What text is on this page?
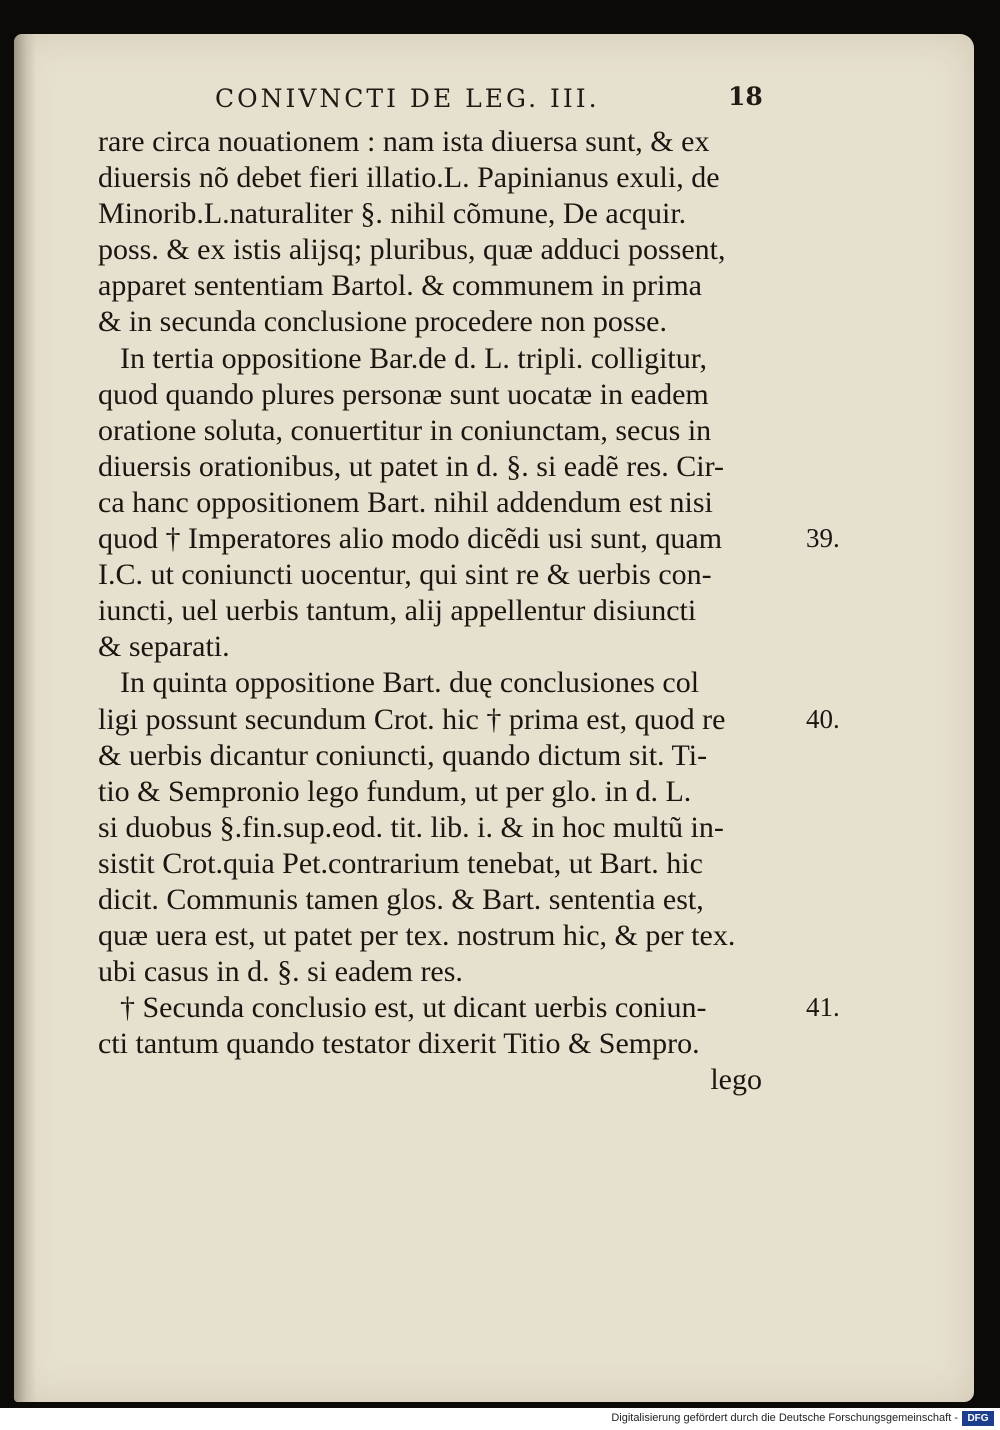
CONIVNCTI DE LEG. III.	18
rare circa nouationem : nam ista diuersa sunt, & ex
diuersis nõ debet fieri illatio.L. Papinianus exuli, de
Minorib.L.naturaliter §. nihil cõmune, De acquir.
poss. & ex istis alijsq; pluribus, quæ adduci possent,
apparet sententiam Bartol. & communem in prima
& in secunda conclusione procedere non posse.
In tertia oppositione Bar.de d. L. tripli. colligitur,
quod quando plures personæ sunt uocatæ in eadem
oratione soluta, conuertitur in coniunctam, secus in
diuersis orationibus, ut patet in d. §. si eadẽ res. Cir-
ca hanc oppositionem Bart. nihil addendum est nisi
quod † Imperatores alio modo dicẽdi usi sunt, quam
I.C. ut coniuncti uocentur, qui sint re & uerbis con-
iuncti, uel uerbis tantum, alij appellentur disiuncti
& separati.
In quinta oppositione Bart. duę conclusiones col
ligi possunt secundum Crot. hic † prima est, quod re
& uerbis dicantur coniuncti, quando dictum sit. Ti-
tio & Sempronio lego fundum, ut per glo. in d. L.
si duobus §.fin.sup.eod. tit. lib. i. & in hoc multũ in-
sistit Crot.quia Pet.contrarium tenebat, ut Bart. hic
dicit. Communis tamen glos. & Bart. sententia est,
quæ uera est, ut patet per tex. nostrum hic, & per tex.
ubi casus in d. §. si eadem res.
† Secunda conclusio est, ut dicant uerbis coniun-
cti tantum quando testator dixerit Titio & Sempro.
lego
39.
40.
41.
Digitalisierung gefördert durch die Deutsche Forschungsgemeinschaft - DFG
